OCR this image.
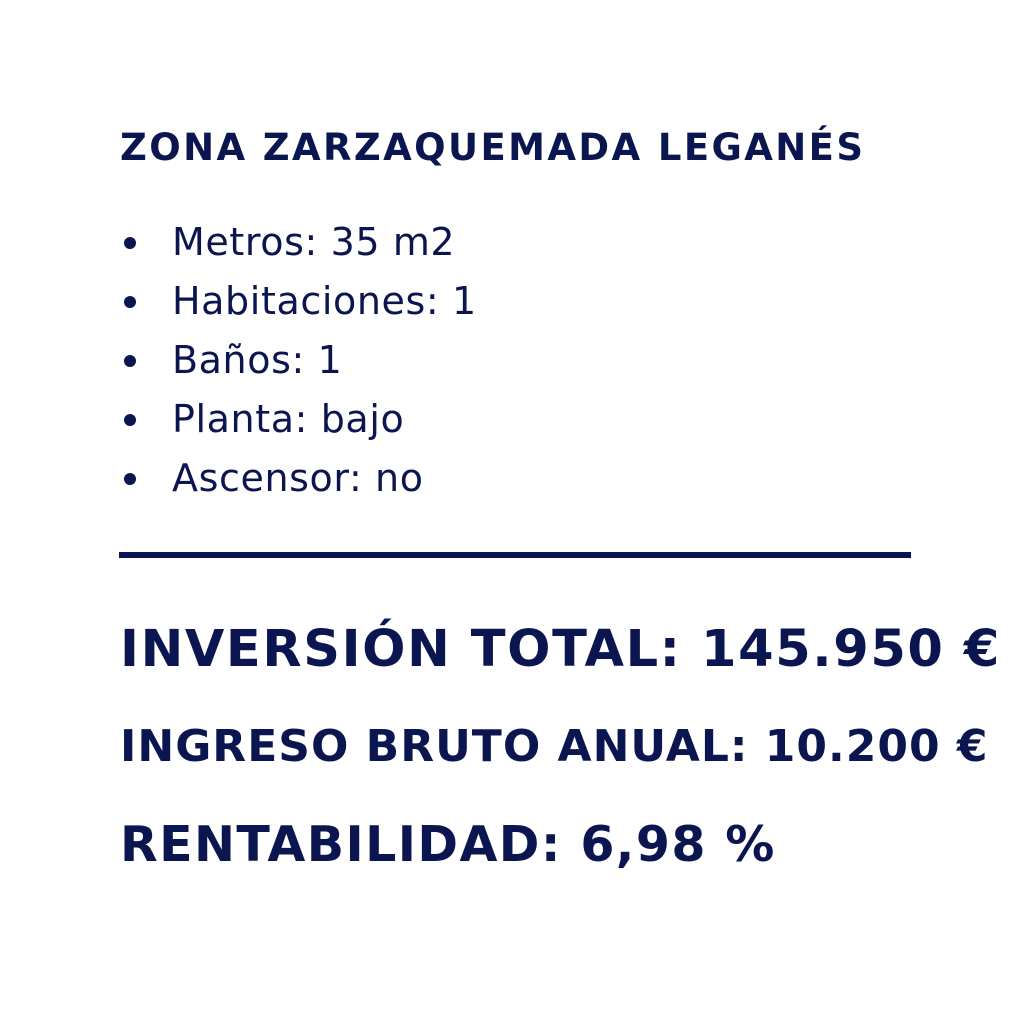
ZONA ZARZAQUEMADA LEGANÉS
Metros: 35 m2
Habitaciones: 1
Baños: 1
Planta: bajo
Ascensor: no

INVERSIÓN TOTAL: 145.950 €

INGRESO BRUTO ANUAL: 10.200 €

RENTABILIDAD: 6,98 %
